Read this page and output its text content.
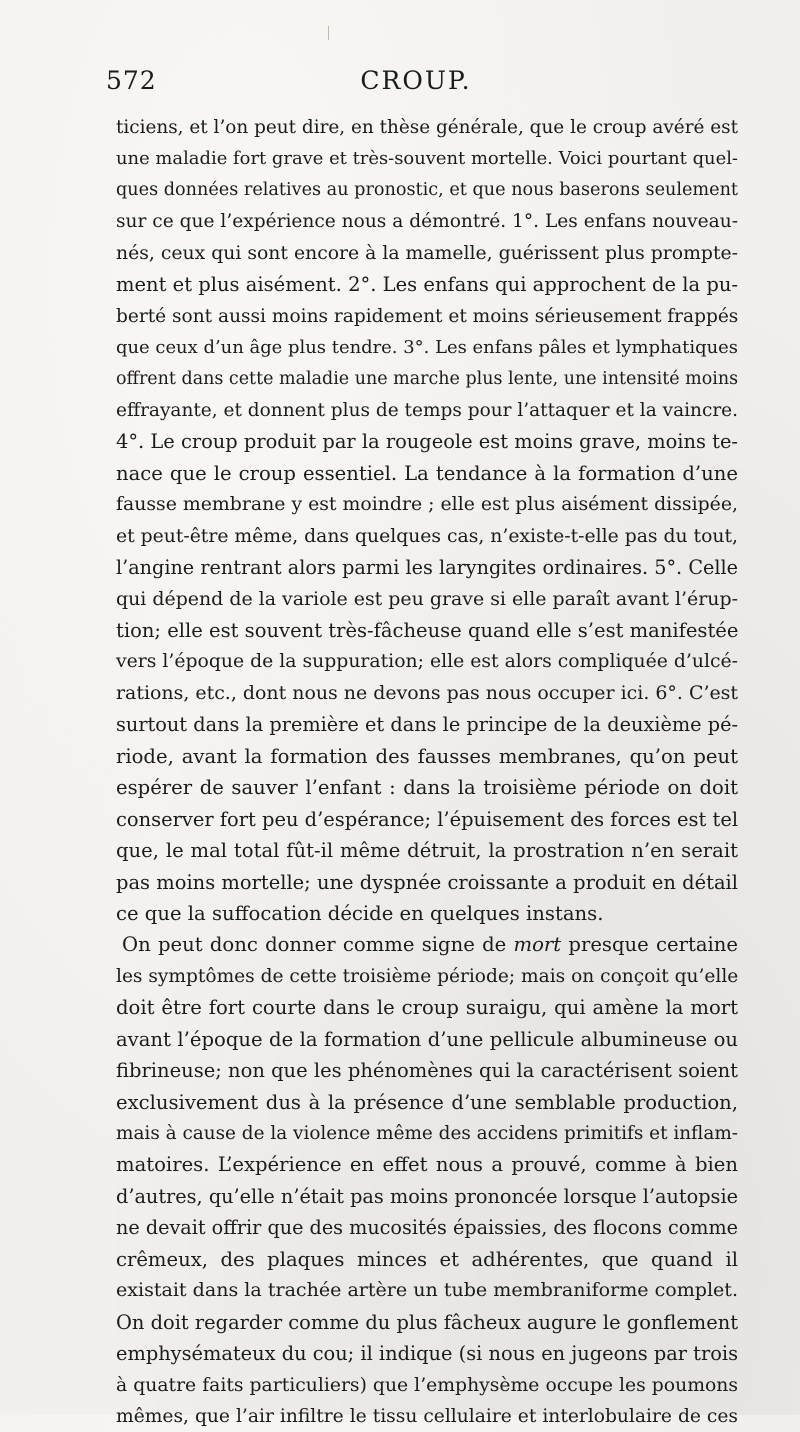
572	CROUP.
ticiens, et l’on peut dire, en thèse générale, que le croup avéré est
une maladie fort grave et très-souvent mortelle. Voici pourtant quel-
ques données relatives au pronostic, et que nous baserons seulement
sur ce que l’expérience nous a démontré. 1°. Les enfans nouveau-
nés, ceux qui sont encore à la mamelle, guérissent plus prompte-
ment et plus aisément. 2°. Les enfans qui approchent de la pu-
berté sont aussi moins rapidement et moins sérieusement frappés
que ceux d’un âge plus tendre. 3°. Les enfans pâles et lymphatiques
offrent dans cette maladie une marche plus lente, une intensité moins
effrayante, et donnent plus de temps pour l’attaquer et la vaincre.
4°. Le croup produit par la rougeole est moins grave, moins te-
nace que le croup essentiel. La tendance à la formation d’une
fausse membrane y est moindre ; elle est plus aisément dissipée,
et peut-être même, dans quelques cas, n’existe-t-elle pas du tout,
l’angine rentrant alors parmi les laryngites ordinaires. 5°. Celle
qui dépend de la variole est peu grave si elle paraît avant l’érup-
tion; elle est souvent très-fâcheuse quand elle s’est manifestée
vers l’époque de la suppuration; elle est alors compliquée d’ulcé-
rations, etc., dont nous ne devons pas nous occuper ici. 6°. C’est
surtout dans la première et dans le principe de la deuxième pé-
riode, avant la formation des fausses membranes, qu’on peut
espérer de sauver l’enfant : dans la troisième période on doit
conserver fort peu d’espérance; l’épuisement des forces est tel
que, le mal total fût-il même détruit, la prostration n’en serait
pas moins mortelle; une dyspnée croissante a produit en détail
ce que la suffocation décide en quelques instans.
On peut donc donner comme signe de mort presque certaine
les symptômes de cette troisième période; mais on conçoit qu’elle
doit être fort courte dans le croup suraigu, qui amène la mort
avant l’époque de la formation d’une pellicule albumineuse ou
fibrineuse; non que les phénomènes qui la caractérisent soient
exclusivement dus à la présence d’une semblable production,
mais à cause de la violence même des accidens primitifs et inflam-
matoires. L’expérience en effet nous a prouvé, comme à bien
d’autres, qu’elle n’était pas moins prononcée lorsque l’autopsie
ne devait offrir que des mucosités épaissies, des flocons comme
crêmeux, des plaques minces et adhérentes, que quand il
existait dans la trachée artère un tube membraniforme complet.
On doit regarder comme du plus fâcheux augure le gonflement
emphysémateux du cou; il indique (si nous en jugeons par trois
à quatre faits particuliers) que l’emphysème occupe les poumons
mêmes, que l’air infiltre le tissu cellulaire et interlobulaire de ces
